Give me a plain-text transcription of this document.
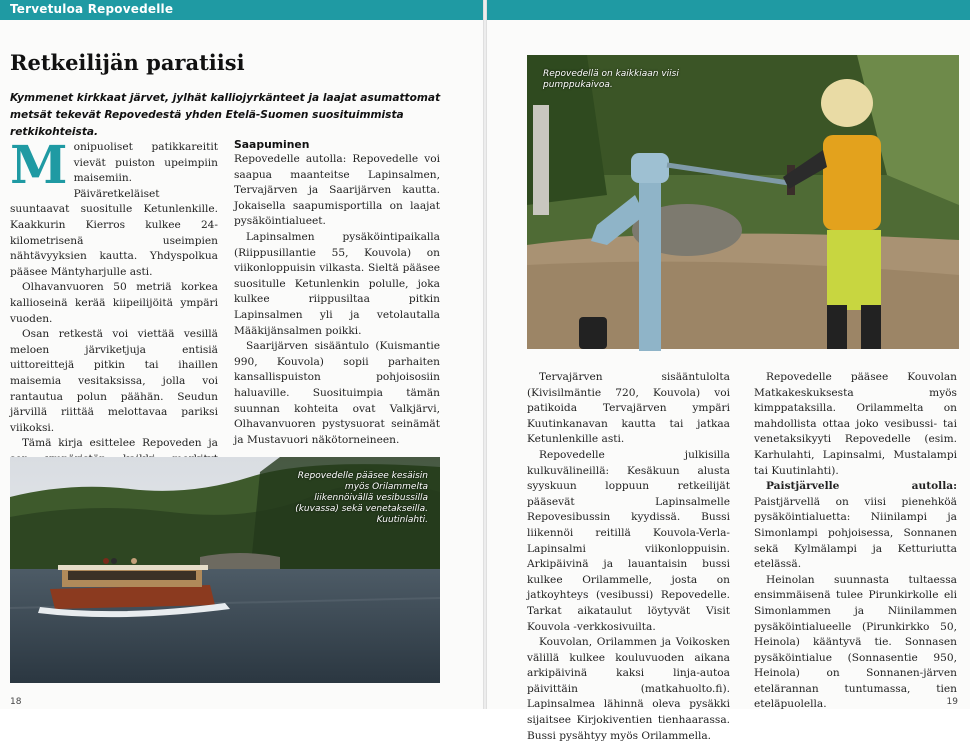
Tervetuloa Repovedelle
Retkeilijän paratiisi

Kymmenet kirkkaat järvet, jylhät kalliojyrkänteet ja laajat asumattomat metsät tekevät Repovedestä yhden Etelä-Suomen suosituimmista retkikohteista.

Monipuoliset patikkareitit vievät puiston upeimpiin maisemiin. Päiväretkeläiset suuntaavat suositulle Ketunlenkille. Kaakkurin Kierros kulkee 24-kilometrisenä useimpien nähtävyyksien kautta. Yhdyspolkua pääsee Mäntyharjulle asti.

Olhavanvuoren 50 metriä korkea kallioseinä kerää kiipeilijöitä ympäri vuoden.

Osan retkestä voi viettää vesillä meloen järviketjuja entisiä uittoreittejä pitkin tai ihaillen maisemia vesitaksissa, jolla voi rantautua polun päähän. Seudun järvillä riittää melottavaa pariksi viikoksi.

Tämä kirja esittelee Repoveden ja

Saapuminen

Repovedelle autolla: Repovedelle voi saapua maanteitse Lapinsalmen, Tervajärven ja Saarijärven kautta. Jokaisella saapumisportilla on laajat pysäköintialueet.

Lapinsalmen pysäköintipaikalla (Riippusillantie 55, Kouvola) on viikonloppuisin vilkasta. Sieltä pääsee suositulle Ketunlenkin polulle, joka kulkee riippusiltaa pitkin Lapinsalmen yli ja vetolautalla Määkijänsalmen poikki.

Saarijärven sisääntulo (Kuismantie 990, Kouvola) sopii parhaiten kansallispuiston pohjoisosiin haluaville. Suosituimpia tämän suunnan kohteita ovat Valkjärvi, Olhavanvuoren pystysuorat seinämät ja Mustavuori näkötorneineen.

Repovedelle pääsee kesäisin myös Orilammelta liikennöivällä vesibussilla (kuvassa) sekä venetakseilla. Kuutinlahti.
18
Repovedellä on kaikkiaan viisi pumppukaivoa.

Tervajärven sisääntulolta (Kivisilmäntie 720, Kouvola) voi patikoida Tervajärven ympäri Kuutinkanavan kautta tai jatkaa Ketunlenkille asti.

Repovedelle julkisilla kulkuvälineillä: Kesäkuun alusta syyskuun loppuun retkeilijät pääsevät Lapinsalmelle Repovesibussin kyydissä. Bussi liikennöi reitillä Kouvola-Verla-Lapinsalmi viikonloppuisin. Arkipäivinä ja lauantaisin bussi kulkee Orilammelle, josta on jatkoyhteys (vesibussi) Repovedelle. Tarkat aikataulut löytyvät Visit Kouvola -verkkosivuilta.

Kouvolan, Orilammen ja Voikosken välillä kulkee kouluvuoden aikana arkipäivinä kaksi linja-autoa päivittäin (matkahuolto.fi). Lapinsalmea lähinnä oleva pysäkki sijaitsee Kirjokiventien tienhaarassa. Bussi pysähtyy myös Orilammella.

Repovedelle pääsee Kouvolan Matkakeskuksesta myös kimppataksilla. Orilammelta on mahdollista ottaa joko vesibussi- tai venetaksikyyti Repovedelle (esim. Karhulahti, Lapinsalmi, Mustalampi tai Kuutinlahti).

Paistjärvelle autolla: Paistjärvellä on viisi pienehköä pysäköintialuetta: Niinilampi ja Simonlampi pohjoisessa, Sonnanen sekä Kylmälampi ja Ketturiutta etelässä.

Heinolan suunnasta tultaessa ensimmäisenä tulee Pirunkirkolle eli Simonlammen ja Niinilammen pysäköintialueelle (Pirunkirkko 50, Heinola) kääntyvä tie. Sonnasen pysäköintialue (Sonnasentie 950, Heinola) on Sonnanen-järven etelärannan tuntumassa, tien eteläpuolella.	19
